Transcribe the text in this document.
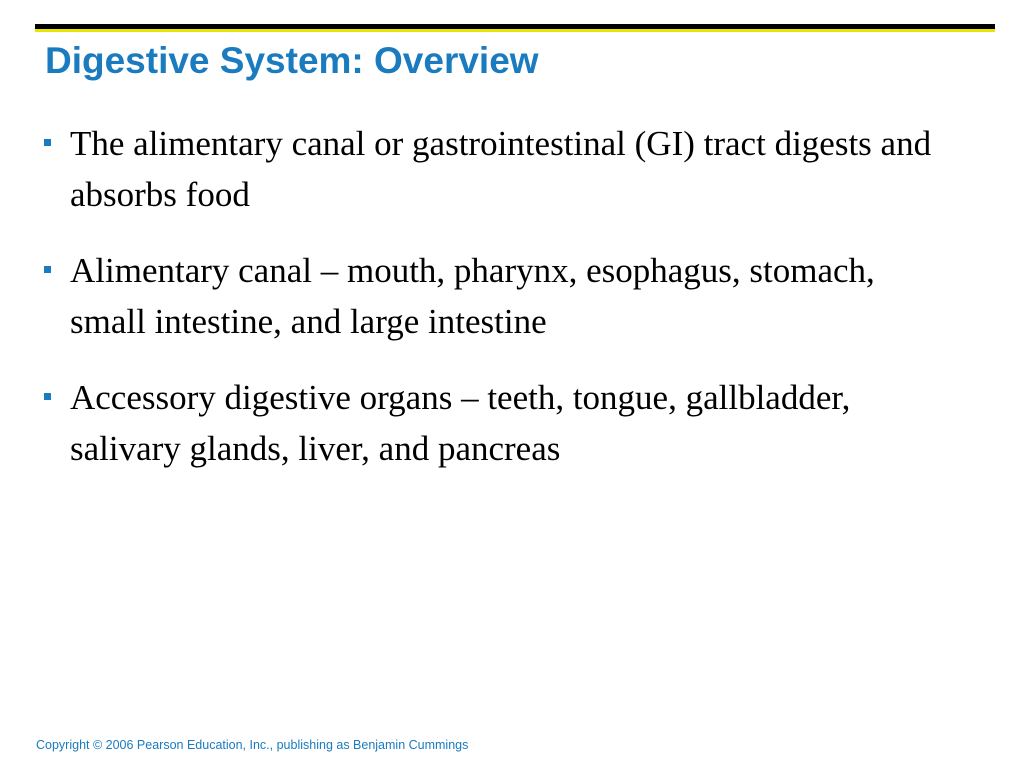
Digestive System: Overview
The alimentary canal or gastrointestinal (GI) tract digests and absorbs food
Alimentary canal – mouth, pharynx, esophagus, stomach, small intestine, and large intestine
Accessory digestive organs – teeth, tongue, gallbladder, salivary glands, liver, and pancreas
Copyright © 2006 Pearson Education, Inc., publishing as Benjamin Cummings
